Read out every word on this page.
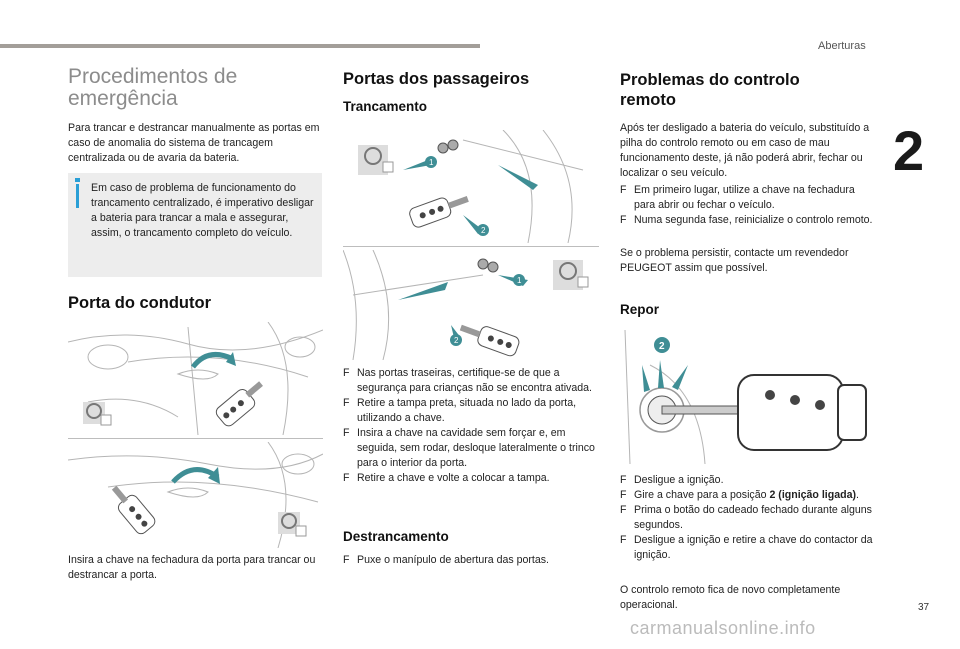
Aberturas
2
37
carmanualsonline.info
Procedimentos de emergência
Para trancar e destrancar manualmente as portas em caso de anomalia do sistema de trancagem centralizada ou de avaria da bateria.
Em caso de problema de funcionamento do trancamento centralizado, é imperativo desligar a bateria para trancar a mala e assegurar, assim, o trancamento completo do veículo.
Porta do condutor
Insira a chave na fechadura da porta para trancar ou destrancar a porta.
Portas dos passageiros
Trancamento
1
2
1
2
F Nas portas traseiras, certifique-se de que a segurança para crianças não se encontra ativada.
F Retire a tampa preta, situada no lado da porta, utilizando a chave.
F Insira a chave na cavidade sem forçar e, em seguida, sem rodar, desloque lateralmente o trinco para o interior da porta.
F Retire a chave e volte a colocar a tampa.
Destrancamento
F Puxe o manípulo de abertura das portas.
Problemas do controlo remoto
Após ter desligado a bateria do veículo, substituído a pilha do controlo remoto ou em caso de mau funcionamento deste, já não poderá abrir, fechar ou localizar o seu veículo.
F Em primeiro lugar, utilize a chave na fechadura para abrir ou fechar o veículo.
F Numa segunda fase, reinicialize o controlo remoto.
Se o problema persistir, contacte um revendedor PEUGEOT assim que possível.
Repor
2
F Desligue a ignição.
F Gire a chave para a posição 2 (ignição ligada).
F Prima o botão do cadeado fechado durante alguns segundos.
F Desligue a ignição e retire a chave do contactor da ignição.
O controlo remoto fica de novo completamente operacional.
